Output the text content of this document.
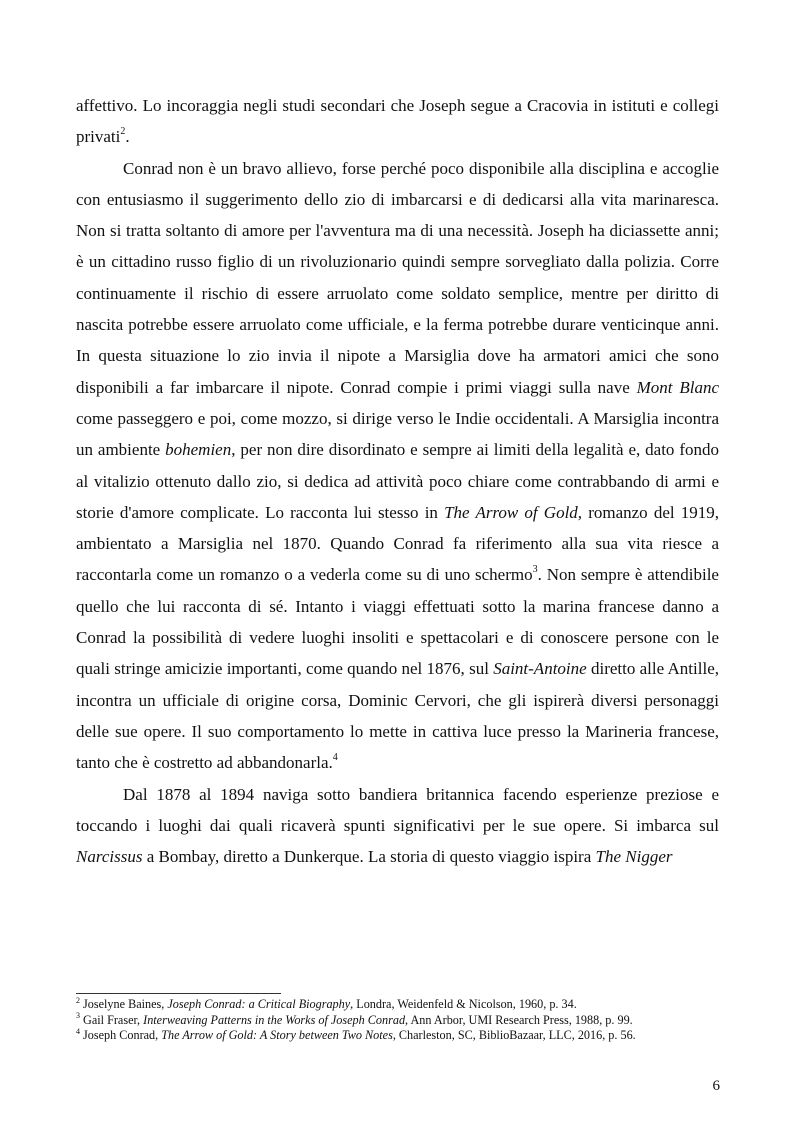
affettivo. Lo incoraggia negli studi secondari che Joseph segue a Cracovia in istituti e collegi privati$^2$.

Conrad non è un bravo allievo, forse perché poco disponibile alla disciplina e accoglie con entusiasmo il suggerimento dello zio di imbarcarsi e di dedicarsi alla vita marinaresca. Non si tratta soltanto di amore per l'avventura ma di una necessità. Joseph ha diciassette anni; è un cittadino russo figlio di un rivoluzionario quindi sempre sorvegliato dalla polizia. Corre continuamente il rischio di essere arruolato come soldato semplice, mentre per diritto di nascita potrebbe essere arruolato come ufficiale, e la ferma potrebbe durare venticinque anni. In questa situazione lo zio invia il nipote a Marsiglia dove ha armatori amici che sono disponibili a far imbarcare il nipote. Conrad compie i primi viaggi sulla nave Mont Blanc come passeggero e poi, come mozzo, si dirige verso le Indie occidentali. A Marsiglia incontra un ambiente bohemien, per non dire disordinato e sempre ai limiti della legalità e, dato fondo al vitalizio ottenuto dallo zio, si dedica ad attività poco chiare come contrabbando di armi e storie d'amore complicate. Lo racconta lui stesso in The Arrow of Gold, romanzo del 1919, ambientato a Marsiglia nel 1870. Quando Conrad fa riferimento alla sua vita riesce a raccontarla come un romanzo o a vederla come su di uno schermo$^3$. Non sempre è attendibile quello che lui racconta di sé. Intanto i viaggi effettuati sotto la marina francese danno a Conrad la possibilità di vedere luoghi insoliti e spettacolari e di conoscere persone con le quali stringe amicizie importanti, come quando nel 1876, sul Saint-Antoine diretto alle Antille, incontra un ufficiale di origine corsa, Dominic Cervori, che gli ispirerà diversi personaggi delle sue opere. Il suo comportamento lo mette in cattiva luce presso la Marineria francese, tanto che è costretto ad abbandonarla.$^4$

Dal 1878 al 1894 naviga sotto bandiera britannica facendo esperienze preziose e toccando i luoghi dai quali ricaverà spunti significativi per le sue opere. Si imbarca sul Narcissus a Bombay, diretto a Dunkerque. La storia di questo viaggio ispira The Nigger

$^2$ Joselyne Baines, Joseph Conrad: a Critical Biography, Londra, Weidenfeld & Nicolson, 1960, p. 34.
$^3$ Gail Fraser, Interweaving Patterns in the Works of Joseph Conrad, Ann Arbor, UMI Research Press, 1988, p. 99.
$^4$ Joseph Conrad, The Arrow of Gold: A Story between Two Notes, Charleston, SC, BiblioBazaar, LLC, 2016, p. 56.
6
